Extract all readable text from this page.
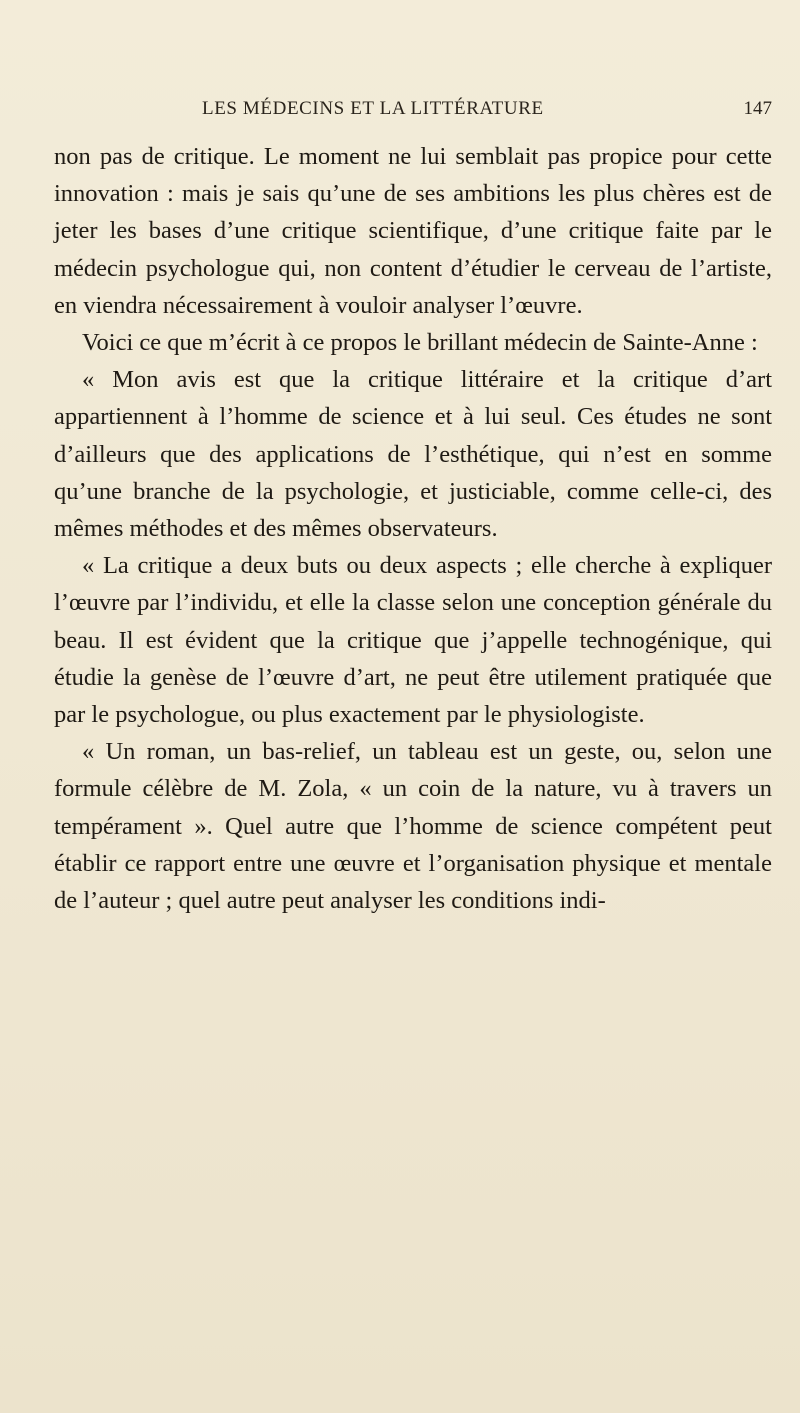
LES MÉDECINS ET LA LITTÉRATURE	147

non pas de critique. Le moment ne lui semblait pas propice pour cette innovation : mais je sais qu’une de ses ambitions les plus chères est de jeter les bases d’une critique scientifique, d’une critique faite par le médecin psychologue qui, non content d’étudier le cerveau de l’artiste, en viendra nécessairement à vouloir analyser l’œuvre.

Voici ce que m’écrit à ce propos le brillant médecin de Sainte-Anne :

« Mon avis est que la critique littéraire et la critique d’art appartiennent à l’homme de science et à lui seul. Ces études ne sont d’ailleurs que des applications de l’esthétique, qui n’est en somme qu’une branche de la psychologie, et justiciable, comme celle-ci, des mêmes méthodes et des mêmes observateurs.

« La critique a deux buts ou deux aspects ; elle cherche à expliquer l’œuvre par l’individu, et elle la classe selon une conception générale du beau. Il est évident que la critique que j’appelle technogénique, qui étudie la genèse de l’œuvre d’art, ne peut être utilement pratiquée que par le psychologue, ou plus exactement par le physiologiste.

« Un roman, un bas-relief, un tableau est un geste, ou, selon une formule célèbre de M. Zola, « un coin de la nature, vu à travers un tempérament ». Quel autre que l’homme de science compétent peut établir ce rapport entre une œuvre et l’organisation physique et mentale de l’auteur ; quel autre peut analyser les conditions indi-
